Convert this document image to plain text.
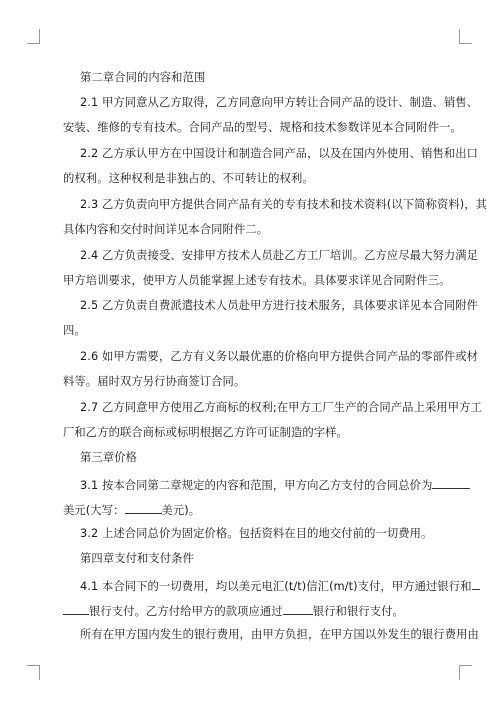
第二章合同的内容和范围
2.1 甲方同意从乙方取得，乙方同意向甲方转让合同产品的设计、制造、销售、
安装、维修的专有技术。合同产品的型号、规格和技术参数详见本合同附件一。
2.2 乙方承认甲方在中国设计和制造合同产品，以及在国内外使用、销售和出口
的权利。这种权利是非独占的、不可转让的权利。
2.3 乙方负责向甲方提供合同产品有关的专有技术和技术资料(以下简称资料)，其
具体内容和交付时间详见本合同附件二。
2.4 乙方负责接受、安排甲方技术人员赴乙方工厂培训。乙方应尽最大努力满足
甲方培训要求，使甲方人员能掌握上述专有技术。具体要求详见合同附件三。
2.5 乙方负责自费派遣技术人员赴甲方进行技术服务，具体要求详见本合同附件
四。
2.6 如甲方需要，乙方有义务以最优惠的价格向甲方提供合同产品的零部件或材
料等。届时双方另行协商签订合同。
2.7 乙方同意甲方使用乙方商标的权利;在甲方工厂生产的合同产品上采用甲方工
厂和乙方的联合商标或标明根据乙方许可证制造的字样。
第三章价格
3.1 按本合同第二章规定的内容和范围，甲方向乙方支付的合同总价为
美元(大写：	美元)。
3.2 上述合同总价为固定价格。包括资料在目的地交付前的一切费用。
第四章支付和支付条件
4.1 本合同下的一切费用，均以美元电汇(t/t)信汇(m/t)支付，甲方通过银行和
银行支付。乙方付给甲方的款项应通过	银行和银行支付。
所有在甲方国内发生的银行费用，由甲方负担，在甲方国以外发生的银行费用由
